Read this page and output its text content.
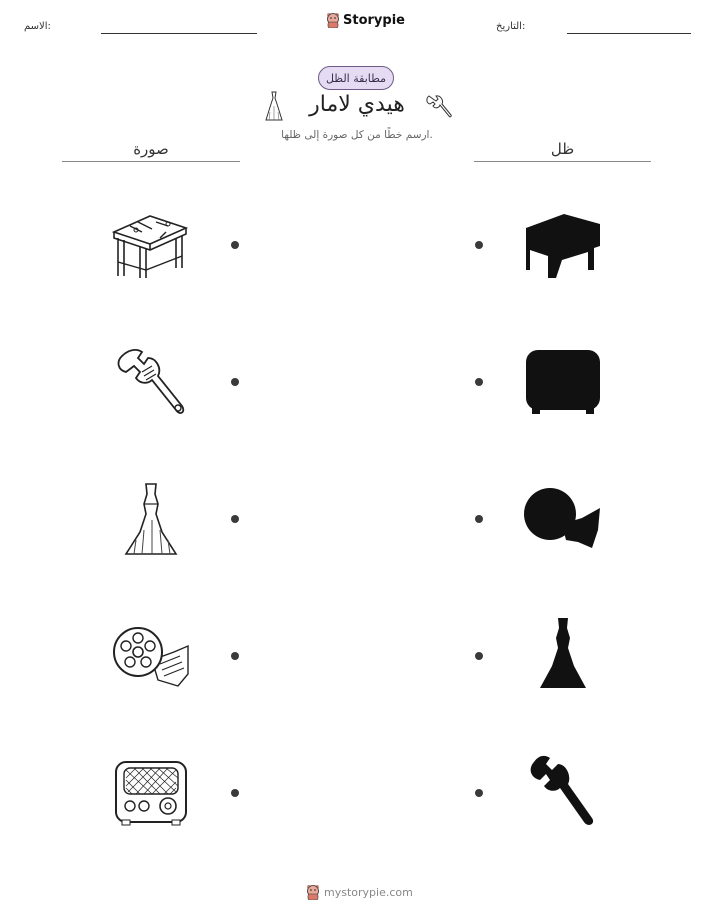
الاسم:	التاريخ:
Storypie
مطابقة الظل
هيدي لامار
ارسم خطًا من كل صورة إلى ظلها.
صورة	ظل
mystorypie.com
